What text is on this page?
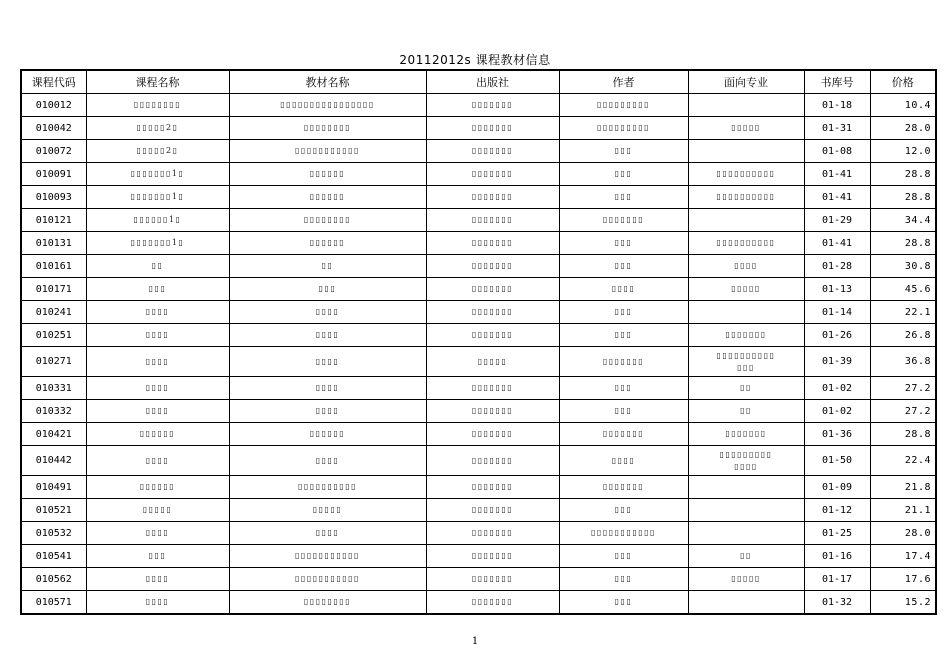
20112012s 课程教材信息
课程代码	课程名称	教材名称	出版社	作者	面向专业	书库号	价格
010012	▯▯▯▯▯▯▯▯	▯▯▯▯▯▯▯▯▯▯▯▯▯▯▯▯	▯▯▯▯▯▯▯	▯▯▯▯▯▯▯▯▯		01-18	10.4
010042	▯▯▯▯▯2▯	▯▯▯▯▯▯▯▯	▯▯▯▯▯▯▯	▯▯▯▯▯▯▯▯▯	▯▯▯▯▯	01-31	28.0
010072	▯▯▯▯▯2▯	▯▯▯▯▯▯▯▯▯▯▯	▯▯▯▯▯▯▯	▯▯▯		01-08	12.0
010091	▯▯▯▯▯▯▯1▯	▯▯▯▯▯▯	▯▯▯▯▯▯▯	▯▯▯	▯▯▯▯▯▯▯▯▯▯	01-41	28.8
010093	▯▯▯▯▯▯▯1▯	▯▯▯▯▯▯	▯▯▯▯▯▯▯	▯▯▯	▯▯▯▯▯▯▯▯▯▯	01-41	28.8
010121	▯▯▯▯▯▯1▯	▯▯▯▯▯▯▯▯	▯▯▯▯▯▯▯	▯▯▯▯▯▯▯		01-29	34.4
010131	▯▯▯▯▯▯▯1▯	▯▯▯▯▯▯	▯▯▯▯▯▯▯	▯▯▯	▯▯▯▯▯▯▯▯▯▯	01-41	28.8
010161	▯▯	▯▯	▯▯▯▯▯▯▯	▯▯▯	▯▯▯▯	01-28	30.8
010171	▯▯▯	▯▯▯	▯▯▯▯▯▯▯	▯▯▯▯	▯▯▯▯▯	01-13	45.6
010241	▯▯▯▯	▯▯▯▯	▯▯▯▯▯▯▯	▯▯▯		01-14	22.1
010251	▯▯▯▯	▯▯▯▯	▯▯▯▯▯▯▯	▯▯▯	▯▯▯▯▯▯▯	01-26	26.8
010271	▯▯▯▯	▯▯▯▯	▯▯▯▯▯	▯▯▯▯▯▯▯	▯▯▯▯▯▯▯▯▯▯
▯▯▯	01-39	36.8
010331	▯▯▯▯	▯▯▯▯	▯▯▯▯▯▯▯	▯▯▯	▯▯	01-02	27.2
010332	▯▯▯▯	▯▯▯▯	▯▯▯▯▯▯▯	▯▯▯	▯▯	01-02	27.2
010421	▯▯▯▯▯▯	▯▯▯▯▯▯	▯▯▯▯▯▯▯	▯▯▯▯▯▯▯	▯▯▯▯▯▯▯	01-36	28.8
010442	▯▯▯▯	▯▯▯▯	▯▯▯▯▯▯▯	▯▯▯▯	▯▯▯▯▯▯▯▯▯
▯▯▯▯	01-50	22.4
010491	▯▯▯▯▯▯	▯▯▯▯▯▯▯▯▯▯	▯▯▯▯▯▯▯	▯▯▯▯▯▯▯		01-09	21.8
010521	▯▯▯▯▯	▯▯▯▯▯	▯▯▯▯▯▯▯	▯▯▯		01-12	21.1
010532	▯▯▯▯	▯▯▯▯	▯▯▯▯▯▯▯	▯▯▯▯▯▯▯▯▯▯▯		01-25	28.0
010541	▯▯▯	▯▯▯▯▯▯▯▯▯▯▯	▯▯▯▯▯▯▯	▯▯▯	▯▯	01-16	17.4
010562	▯▯▯▯	▯▯▯▯▯▯▯▯▯▯▯	▯▯▯▯▯▯▯	▯▯▯	▯▯▯▯▯	01-17	17.6
010571	▯▯▯▯	▯▯▯▯▯▯▯▯	▯▯▯▯▯▯▯	▯▯▯		01-32	15.2
1
